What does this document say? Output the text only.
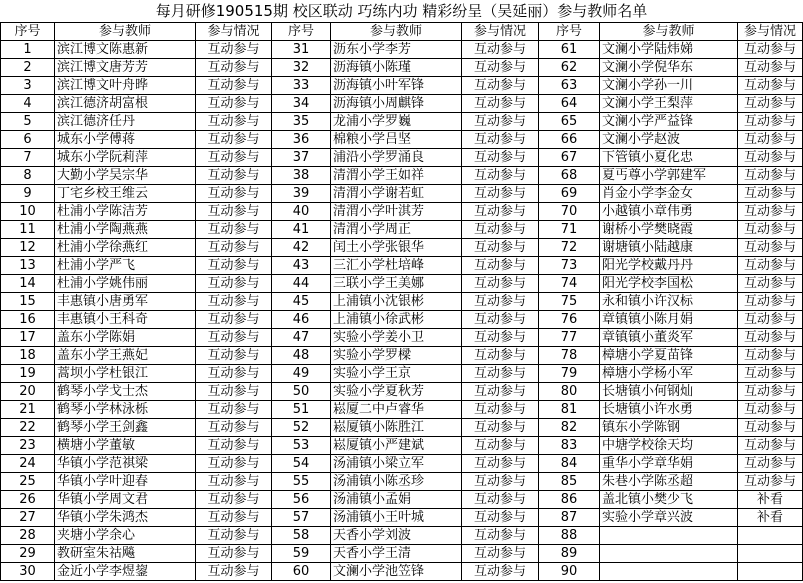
每月研修190515期 校区联动 巧练内功 精彩纷呈（吴延丽）参与教师名单
序号	参与教师	参与情况	序号	参与教师	参与情况	序号	参与教师	参与情况
1	滨江博文陈惠新	互动参与	31	沥东小学李芳	互动参与	61	文澜小学陆炜娣	互动参与
2	滨江博文唐芳芳	互动参与	32	沥海镇小陈瑾	互动参与	62	文澜小学倪华东	互动参与
3	滨江博文叶舟晔	互动参与	33	沥海镇小叶军锋	互动参与	63	文澜小学孙一川	互动参与
4	滨江德济胡富根	互动参与	34	沥海镇小周麒锋	互动参与	64	文澜小学王梨萍	互动参与
5	滨江德济任丹	互动参与	35	龙浦小学罗巍	互动参与	65	文澜小学严益锋	互动参与
6	城东小学傅蒋	互动参与	36	棉粮小学吕坚	互动参与	66	文澜小学赵波	互动参与
7	城东小学阮莉萍	互动参与	37	浦沿小学罗涌良	互动参与	67	下管镇小夏化忠	互动参与
8	大勤小学吴宗华	互动参与	38	清渭小学王如祥	互动参与	68	夏丐尊小学郭建军	互动参与
9	丁宅乡校王维云	互动参与	39	清渭小学谢若虹	互动参与	69	肖金小学李金女	互动参与
10	杜浦小学陈洁芳	互动参与	40	清渭小学叶淇芳	互动参与	70	小越镇小章伟勇	互动参与
11	杜浦小学陶燕燕	互动参与	41	清渭小学周正	互动参与	71	谢桥小学樊晓霞	互动参与
12	杜浦小学徐燕红	互动参与	42	闰土小学张银华	互动参与	72	谢塘镇小陆越康	互动参与
13	杜浦小学严飞	互动参与	43	三汇小学杜培峰	互动参与	73	阳光学校戴丹丹	互动参与
14	杜浦小学姚伟丽	互动参与	44	三联小学王美娜	互动参与	74	阳光学校李国松	互动参与
15	丰惠镇小唐勇军	互动参与	45	上浦镇小沈银彬	互动参与	75	永和镇小许汉标	互动参与
16	丰惠镇小王科奇	互动参与	46	上浦镇小徐武彬	互动参与	76	章镇镇小陈月娟	互动参与
17	盖东小学陈娟	互动参与	47	实验小学姜小卫	互动参与	77	章镇镇小董炎军	互动参与
18	盖东小学王燕妃	互动参与	48	实验小学罗樑	互动参与	78	樟塘小学夏苗锋	互动参与
19	蒿坝小学杜银江	互动参与	49	实验小学王京	互动参与	79	樟塘小学杨小军	互动参与
20	鹤琴小学戈士杰	互动参与	50	实验小学夏秋芳	互动参与	80	长塘镇小何钢灿	互动参与
21	鹤琴小学林泳栎	互动参与	51	崧厦二中卢睿华	互动参与	81	长塘镇小许水勇	互动参与
22	鹤琴小学王剑鑫	互动参与	52	崧厦镇小陈胜江	互动参与	82	镇东小学陈钢	互动参与
23	横塘小学董敏	互动参与	53	崧厦镇小严建斌	互动参与	83	中塘学校徐天均	互动参与
24	华镇小学范祺梁	互动参与	54	汤浦镇小梁立军	互动参与	84	重华小学章华娟	互动参与
25	华镇小学叶迎春	互动参与	55	汤浦镇小陈丞珍	互动参与	85	朱巷小学陈丞超	互动参与
26	华镇小学周文君	互动参与	56	汤浦镇小孟娟	互动参与	86	盖北镇小樊少飞	补看
27	华镇小学朱鸿杰	互动参与	57	汤浦镇小王叶城	互动参与	87	实验小学章兴波	补看
28	夹塘小学余心	互动参与	58	天香小学刘波	互动参与	88		
29	教研室朱祜飚	互动参与	59	天香小学王清	互动参与	89		
30	金近小学李煜鋆	互动参与	60	文澜小学池笠锋	互动参与	90		
